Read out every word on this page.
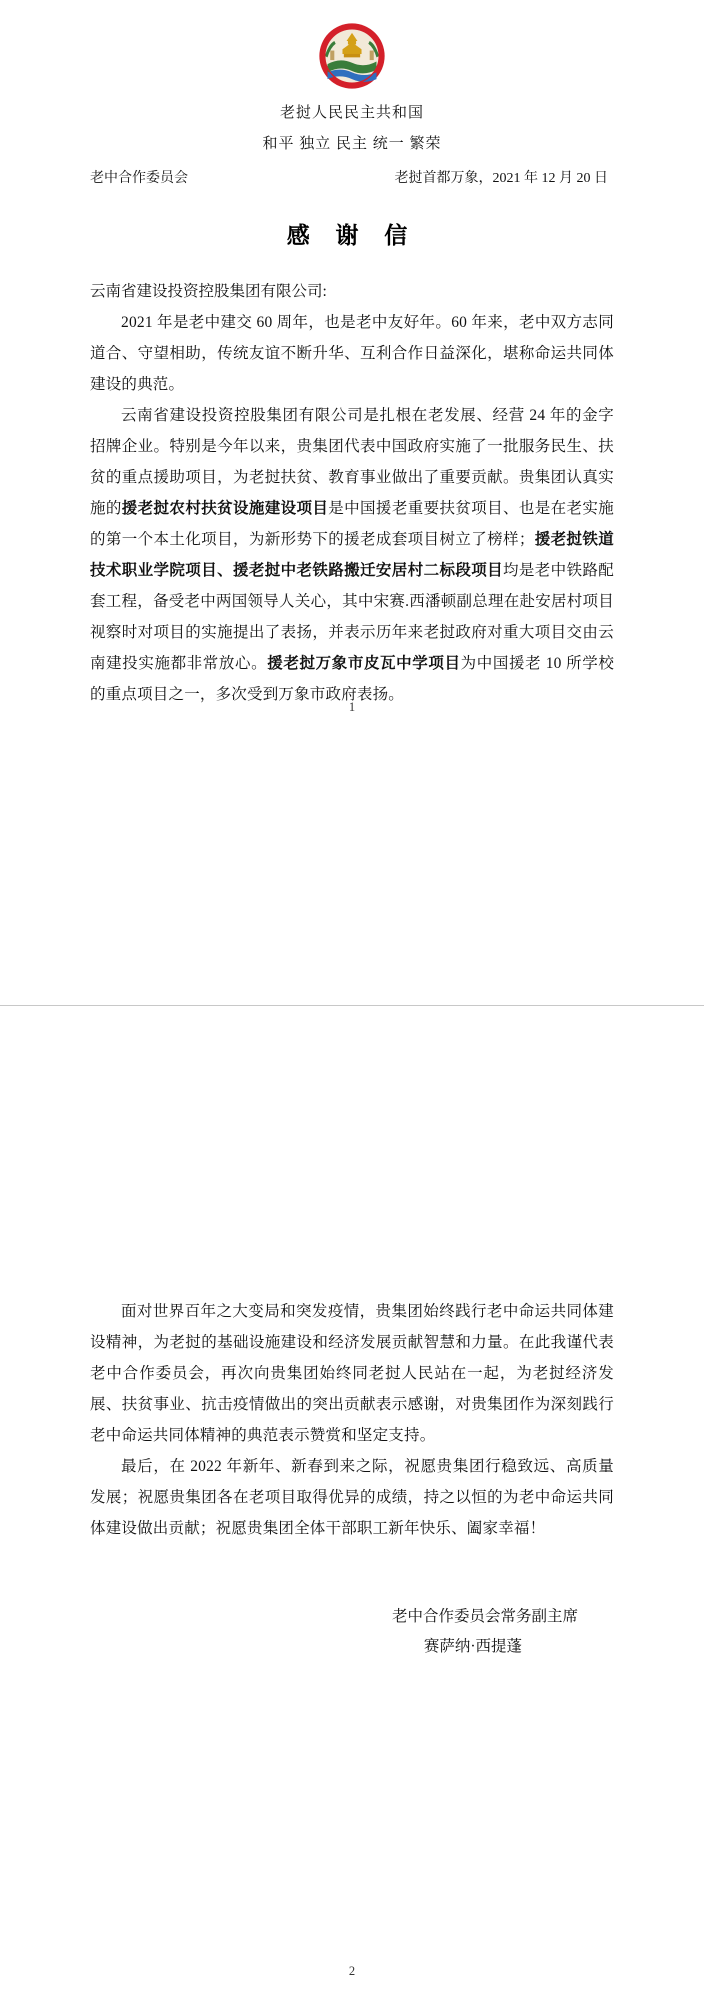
老挝人民民主共和国
和平 独立 民主 统一 繁荣
老中合作委员会	老挝首都万象，2021 年 12 月 20 日
感 谢 信
云南省建设投资控股集团有限公司:

2021 年是老中建交 60 周年，也是老中友好年。60 年来，老中双方志同道合、守望相助，传统友谊不断升华、互利合作日益深化，堪称命运共同体建设的典范。

云南省建设投资控股集团有限公司是扎根在老发展、经营 24 年的金字招牌企业。特别是今年以来，贵集团代表中国政府实施了一批服务民生、扶贫的重点援助项目，为老挝扶贫、教育事业做出了重要贡献。贵集团认真实施的援老挝农村扶贫设施建设项目是中国援老重要扶贫项目、也是在老实施的第一个本土化项目，为新形势下的援老成套项目树立了榜样；援老挝铁道技术职业学院项目、援老挝中老铁路搬迁安居村二标段项目均是老中铁路配套工程，备受老中两国领导人关心，其中宋赛.西潘顿副总理在赴安居村项目视察时对项目的实施提出了表扬，并表示历年来老挝政府对重大项目交由云南建投实施都非常放心。援老挝万象市皮瓦中学项目为中国援老 10 所学校的重点项目之一，多次受到万象市政府表扬。

1

面对世界百年之大变局和突发疫情，贵集团始终践行老中命运共同体建设精神，为老挝的基础设施建设和经济发展贡献智慧和力量。在此我谨代表老中合作委员会，再次向贵集团始终同老挝人民站在一起，为老挝经济发展、扶贫事业、抗击疫情做出的突出贡献表示感谢，对贵集团作为深刻践行老中命运共同体精神的典范表示赞赏和坚定支持。

最后，在 2022 年新年、新春到来之际，祝愿贵集团行稳致远、高质量发展；祝愿贵集团各在老项目取得优异的成绩，持之以恒的为老中命运共同体建设做出贡献；祝愿贵集团全体干部职工新年快乐、阖家幸福！

老中合作委员会常务副主席
赛萨纳·西提蓬
2
